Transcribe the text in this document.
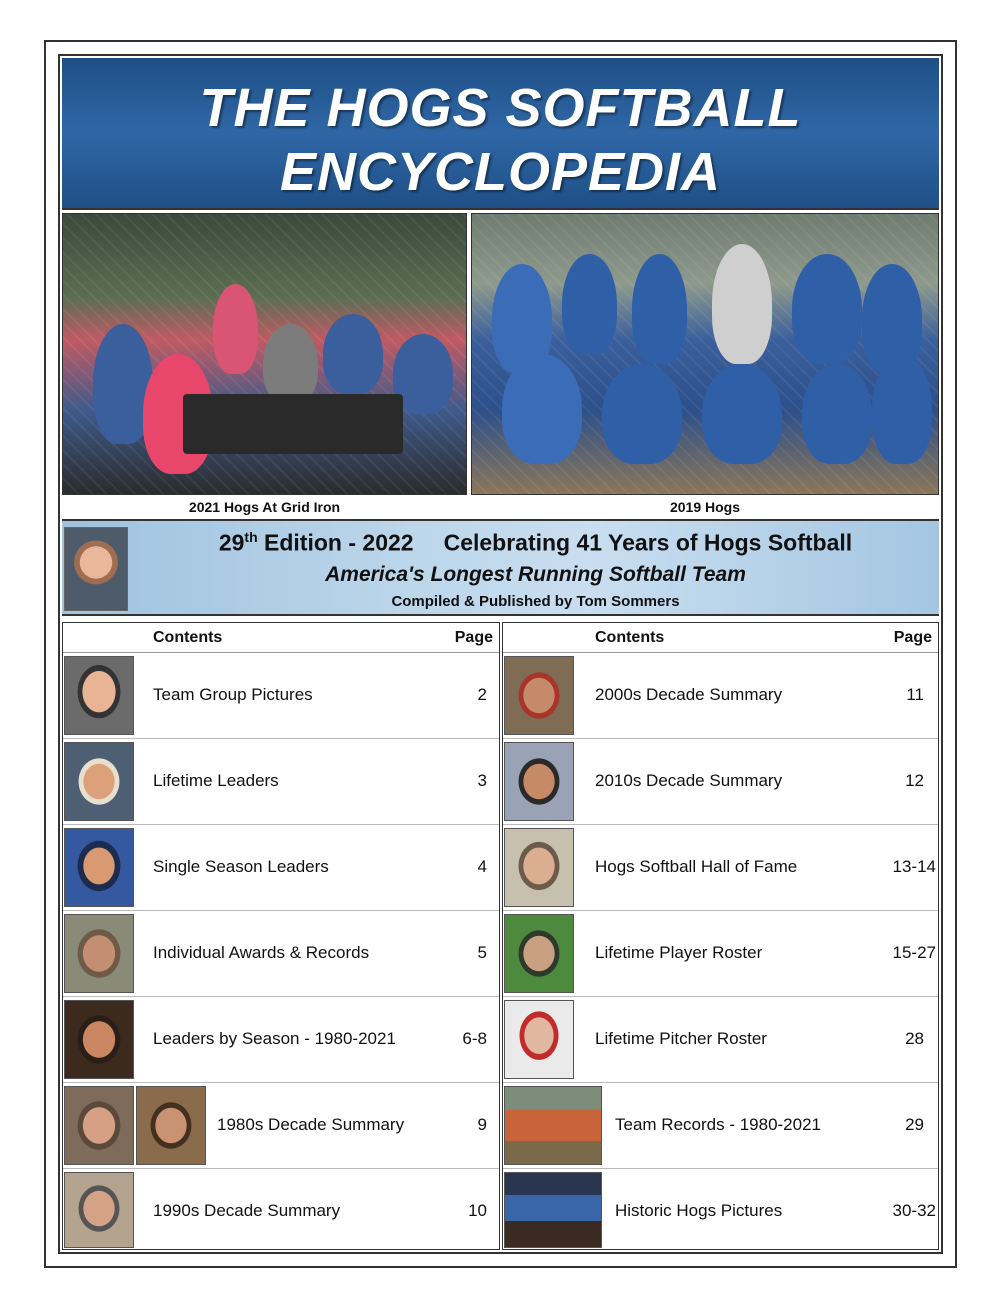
THE HOGS SOFTBALL
ENCYCLOPEDIA
2021 Hogs At Grid Iron	2019 Hogs
29th Edition - 2022 Celebrating 41 Years of Hogs Softball
America's Longest Running Softball Team
Compiled & Published by Tom Sommers
Contents	Page
Team Group Pictures	2
Lifetime Leaders	3
Single Season Leaders	4
Individual Awards & Records	5
Leaders by Season - 1980-2021	6-8
1980s Decade Summary	9
1990s Decade Summary	10
Contents	Page
2000s Decade Summary	11
2010s Decade Summary	12
Hogs Softball Hall of Fame	13-14
Lifetime Player Roster	15-27
Lifetime Pitcher Roster	28
Team Records - 1980-2021	29
Historic Hogs Pictures	30-32
